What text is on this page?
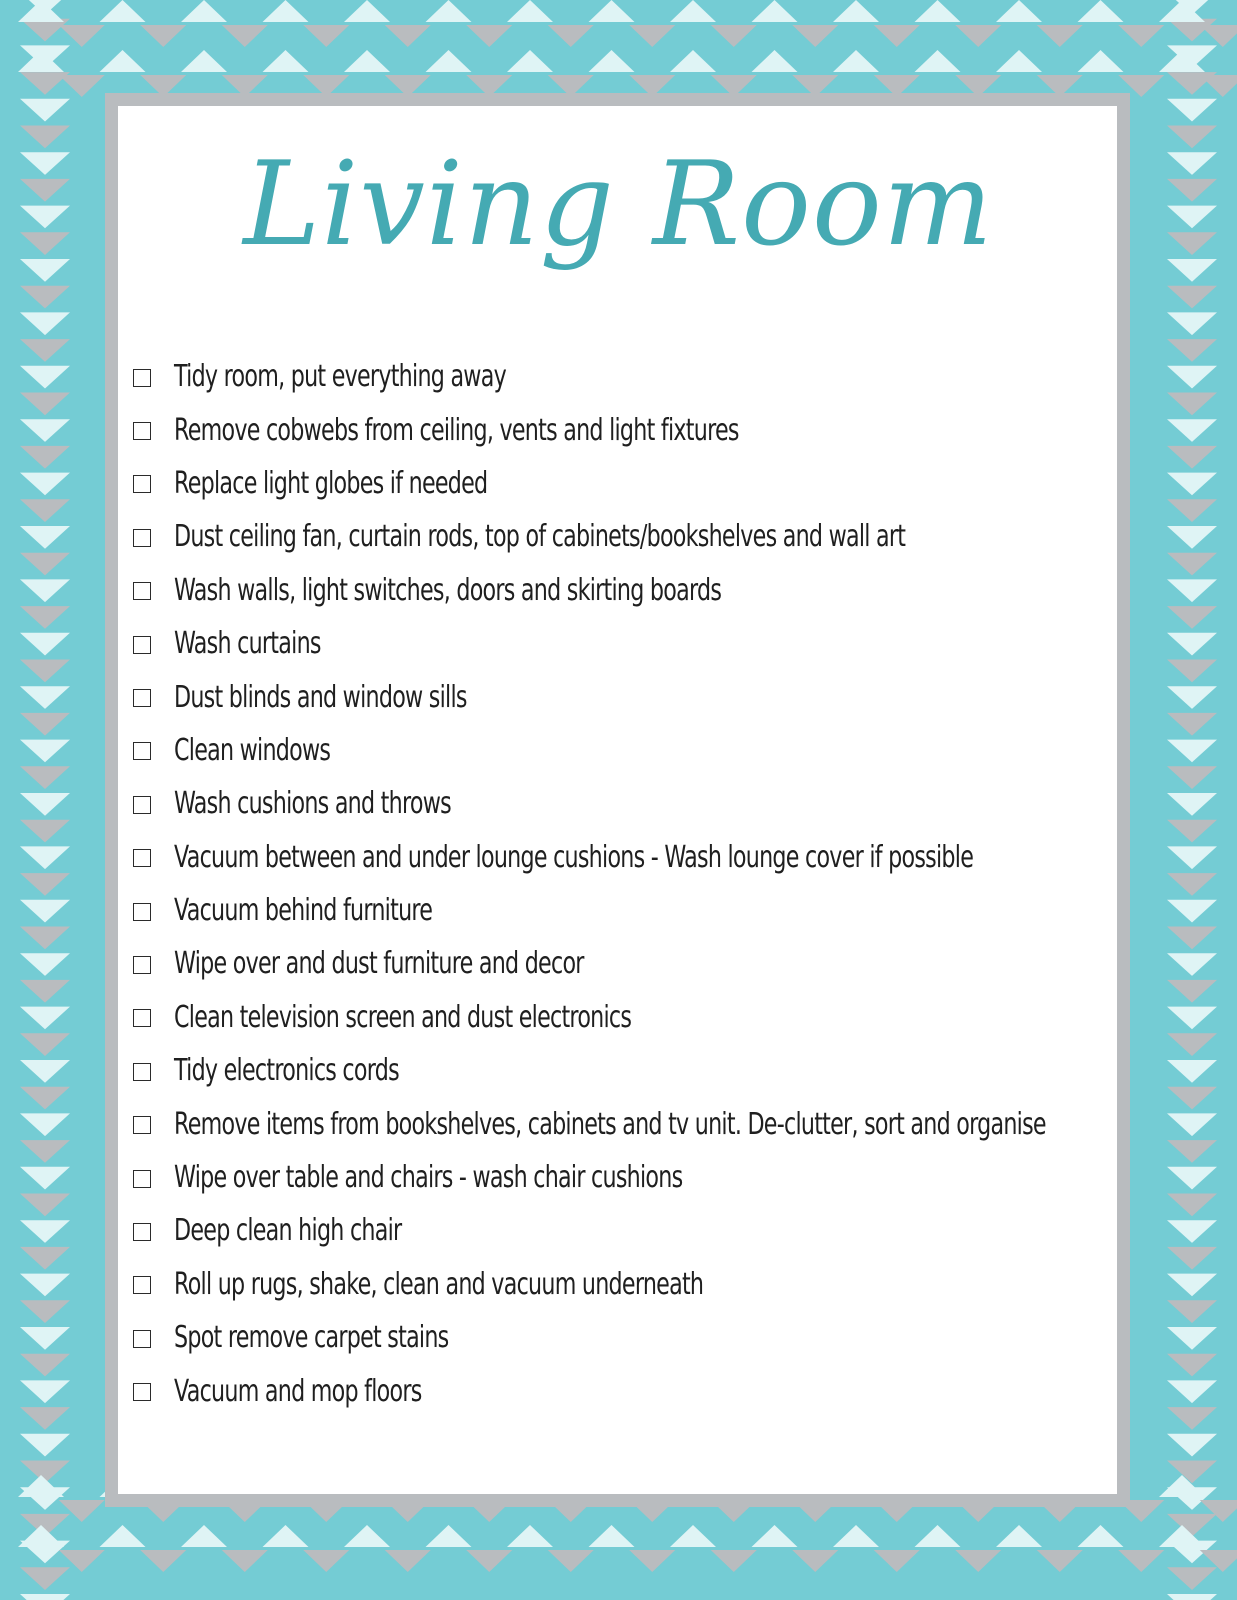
Living Room
Tidy room, put everything away
Remove cobwebs from ceiling, vents and light fixtures
Replace light globes if needed
Dust ceiling fan, curtain rods, top of cabinets/bookshelves and wall art
Wash walls, light switches, doors and skirting boards
Wash curtains
Dust blinds and window sills
Clean windows
Wash cushions and throws
Vacuum between and under lounge cushions - Wash lounge cover if possible
Vacuum behind furniture
Wipe over and dust furniture and decor
Clean television screen and dust electronics
Tidy electronics cords
Remove items from bookshelves, cabinets and tv unit. De-clutter, sort and organise
Wipe over table and chairs - wash chair cushions
Deep clean high chair
Roll up rugs, shake, clean and vacuum underneath
Spot remove carpet stains
Vacuum and mop floors
